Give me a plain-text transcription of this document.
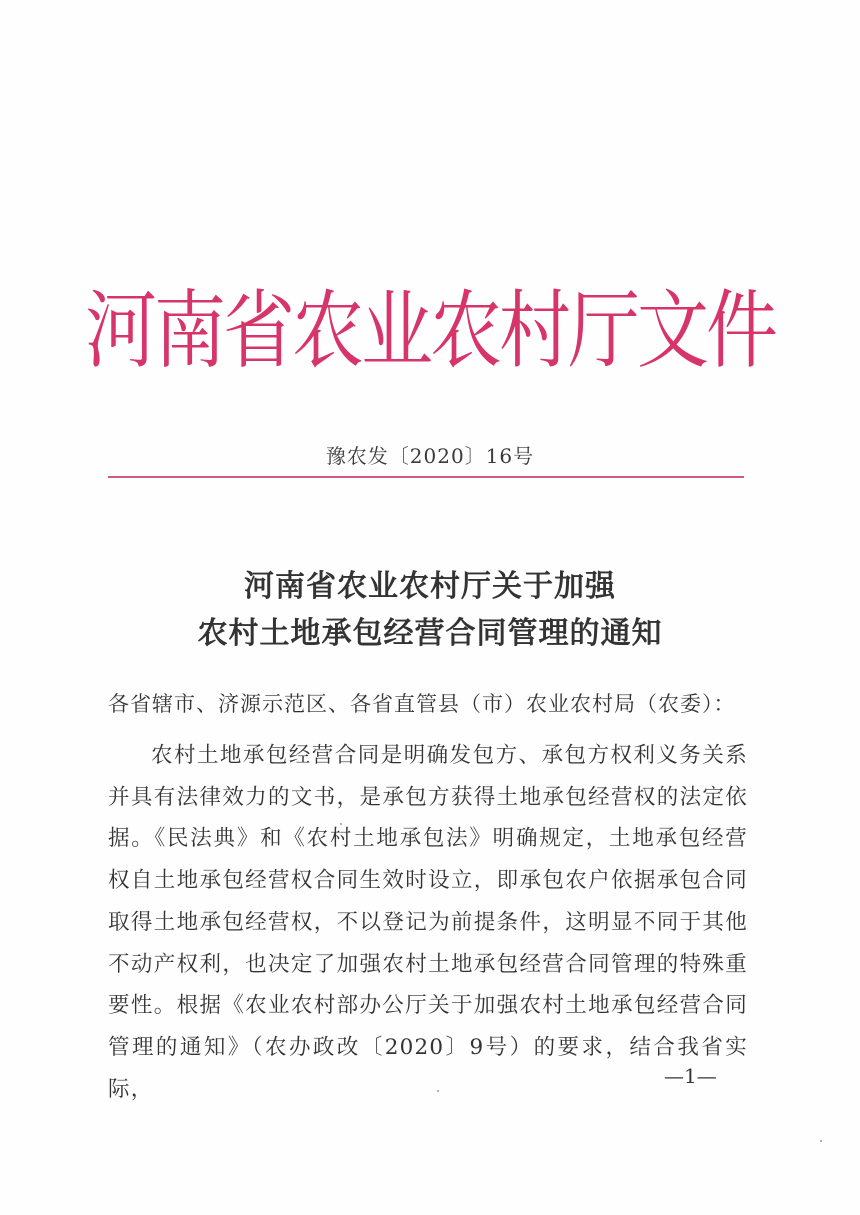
河南省农业农村厅文件
豫农发〔2020〕16号
河南省农业农村厅关于加强
农村土地承包经营合同管理的通知
各省辖市、济源示范区、各省直管县（市）农业农村局（农委）：
农村土地承包经营合同是明确发包方、承包方权利义务关系并具有法律效力的文书，是承包方获得土地承包经营权的法定依据。《民法典》和《农村土地承包法》明确规定，土地承包经营权自土地承包经营权合同生效时设立，即承包农户依据承包合同取得土地承包经营权，不以登记为前提条件，这明显不同于其他不动产权利，也决定了加强农村土地承包经营合同管理的特殊重要性。根据《农业农村部办公厅关于加强农村土地承包经营合同管理的通知》（农办政改〔2020〕9号）的要求，结合我省实际，
—1—
